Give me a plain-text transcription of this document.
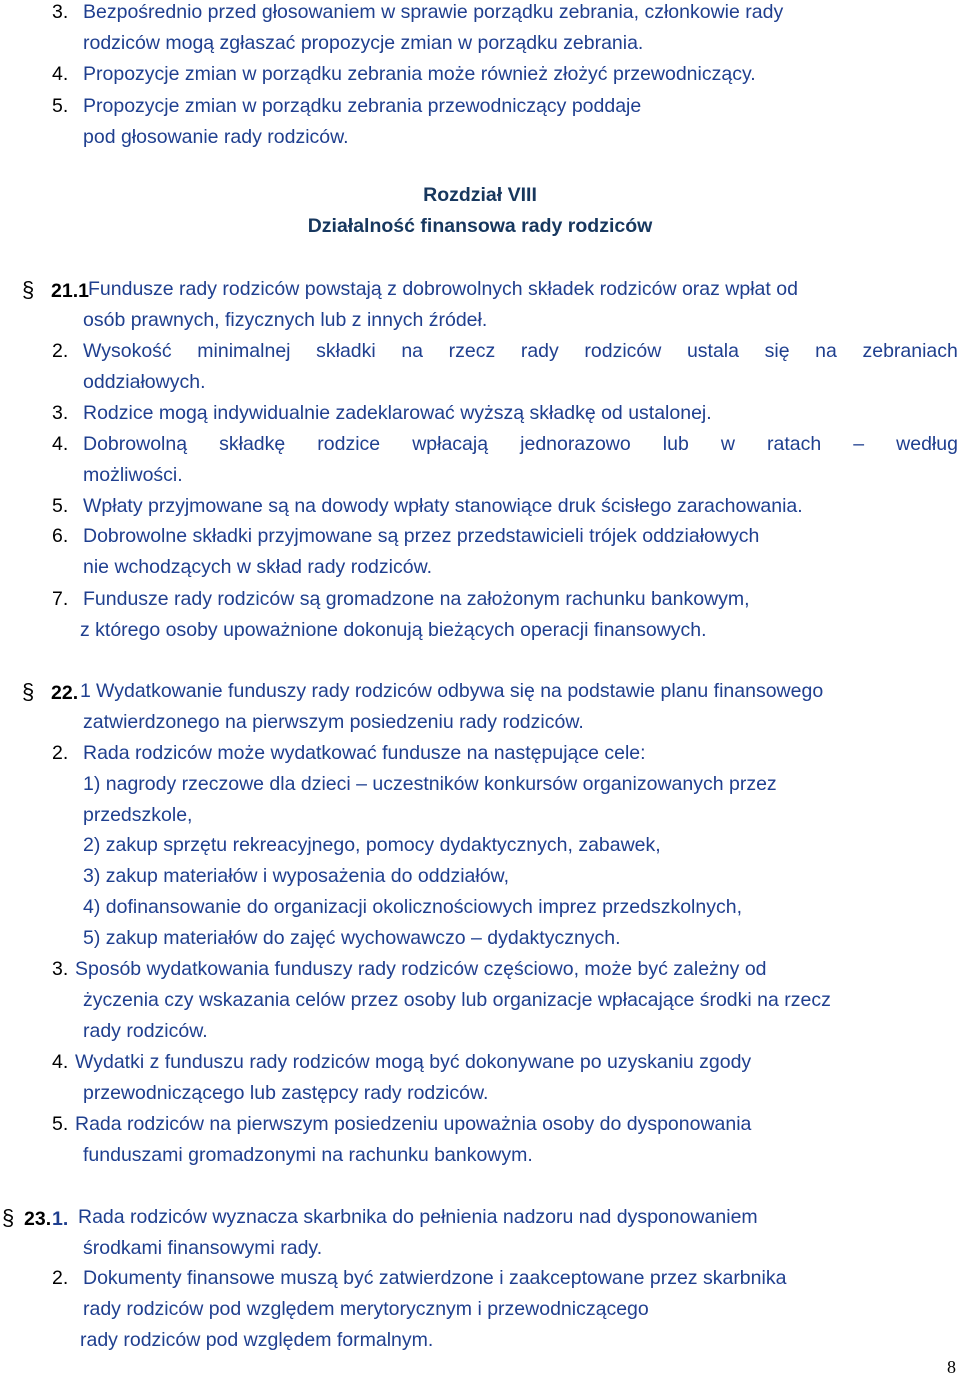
3. Bezpośrednio przed głosowaniem w sprawie porządku zebrania, członkowie rady
rodziców mogą zgłaszać propozycje zmian w porządku zebrania.
4. Propozycje zmian w porządku zebrania może również złożyć przewodniczący.
5. Propozycje zmian w porządku zebrania przewodniczący poddaje
pod głosowanie rady rodziców.
Rozdział VIII
Działalność finansowa rady rodziców
§ 21.1 Fundusze rady rodziców powstają z dobrowolnych składek rodziców oraz wpłat od
osób prawnych, fizycznych lub z innych źródeł.
2. Wysokość minimalnej składki na rzecz rady rodziców ustala się na zebraniach
oddziałowych.
3. Rodzice mogą indywidualnie zadeklarować wyższą składkę od ustalonej.
4. Dobrowolną składkę rodzice wpłacają jednorazowo lub w ratach – według
możliwości.
5. Wpłaty przyjmowane są na dowody wpłaty stanowiące druk ścisłego zarachowania.
6. Dobrowolne składki przyjmowane są przez przedstawicieli trójek oddziałowych
nie wchodzących w skład rady rodziców.
7. Fundusze rady rodziców są gromadzone na założonym rachunku bankowym,
z którego osoby upoważnione dokonują bieżących operacji finansowych.
§ 22. 1 Wydatkowanie funduszy rady rodziców odbywa się na podstawie planu finansowego
zatwierdzonego na pierwszym posiedzeniu rady rodziców.
2. Rada rodziców może wydatkować fundusze na następujące cele:
1) nagrody rzeczowe dla dzieci – uczestników konkursów organizowanych przez
przedszkole,
2) zakup sprzętu rekreacyjnego, pomocy dydaktycznych, zabawek,
3) zakup materiałów i wyposażenia do oddziałów,
4) dofinansowanie do organizacji okolicznościowych imprez przedszkolnych,
5) zakup materiałów do zajęć wychowawczo – dydaktycznych.
3. Sposób wydatkowania funduszy rady rodziców częściowo, może być zależny od
życzenia czy wskazania celów przez osoby lub organizacje wpłacające środki na rzecz
rady rodziców.
4. Wydatki z funduszu rady rodziców mogą być dokonywane po uzyskaniu zgody
przewodniczącego lub zastępcy rady rodziców.
5. Rada rodziców na pierwszym posiedzeniu upoważnia osoby do dysponowania
funduszami gromadzonymi na rachunku bankowym.
§ 23. 1. Rada rodziców wyznacza skarbnika do pełnienia nadzoru nad dysponowaniem
środkami finansowymi rady.
2. Dokumenty finansowe muszą być zatwierdzone i zaakceptowane przez skarbnika
rady rodziców pod względem merytorycznym i przewodniczącego
rady rodziców pod względem formalnym.
8
